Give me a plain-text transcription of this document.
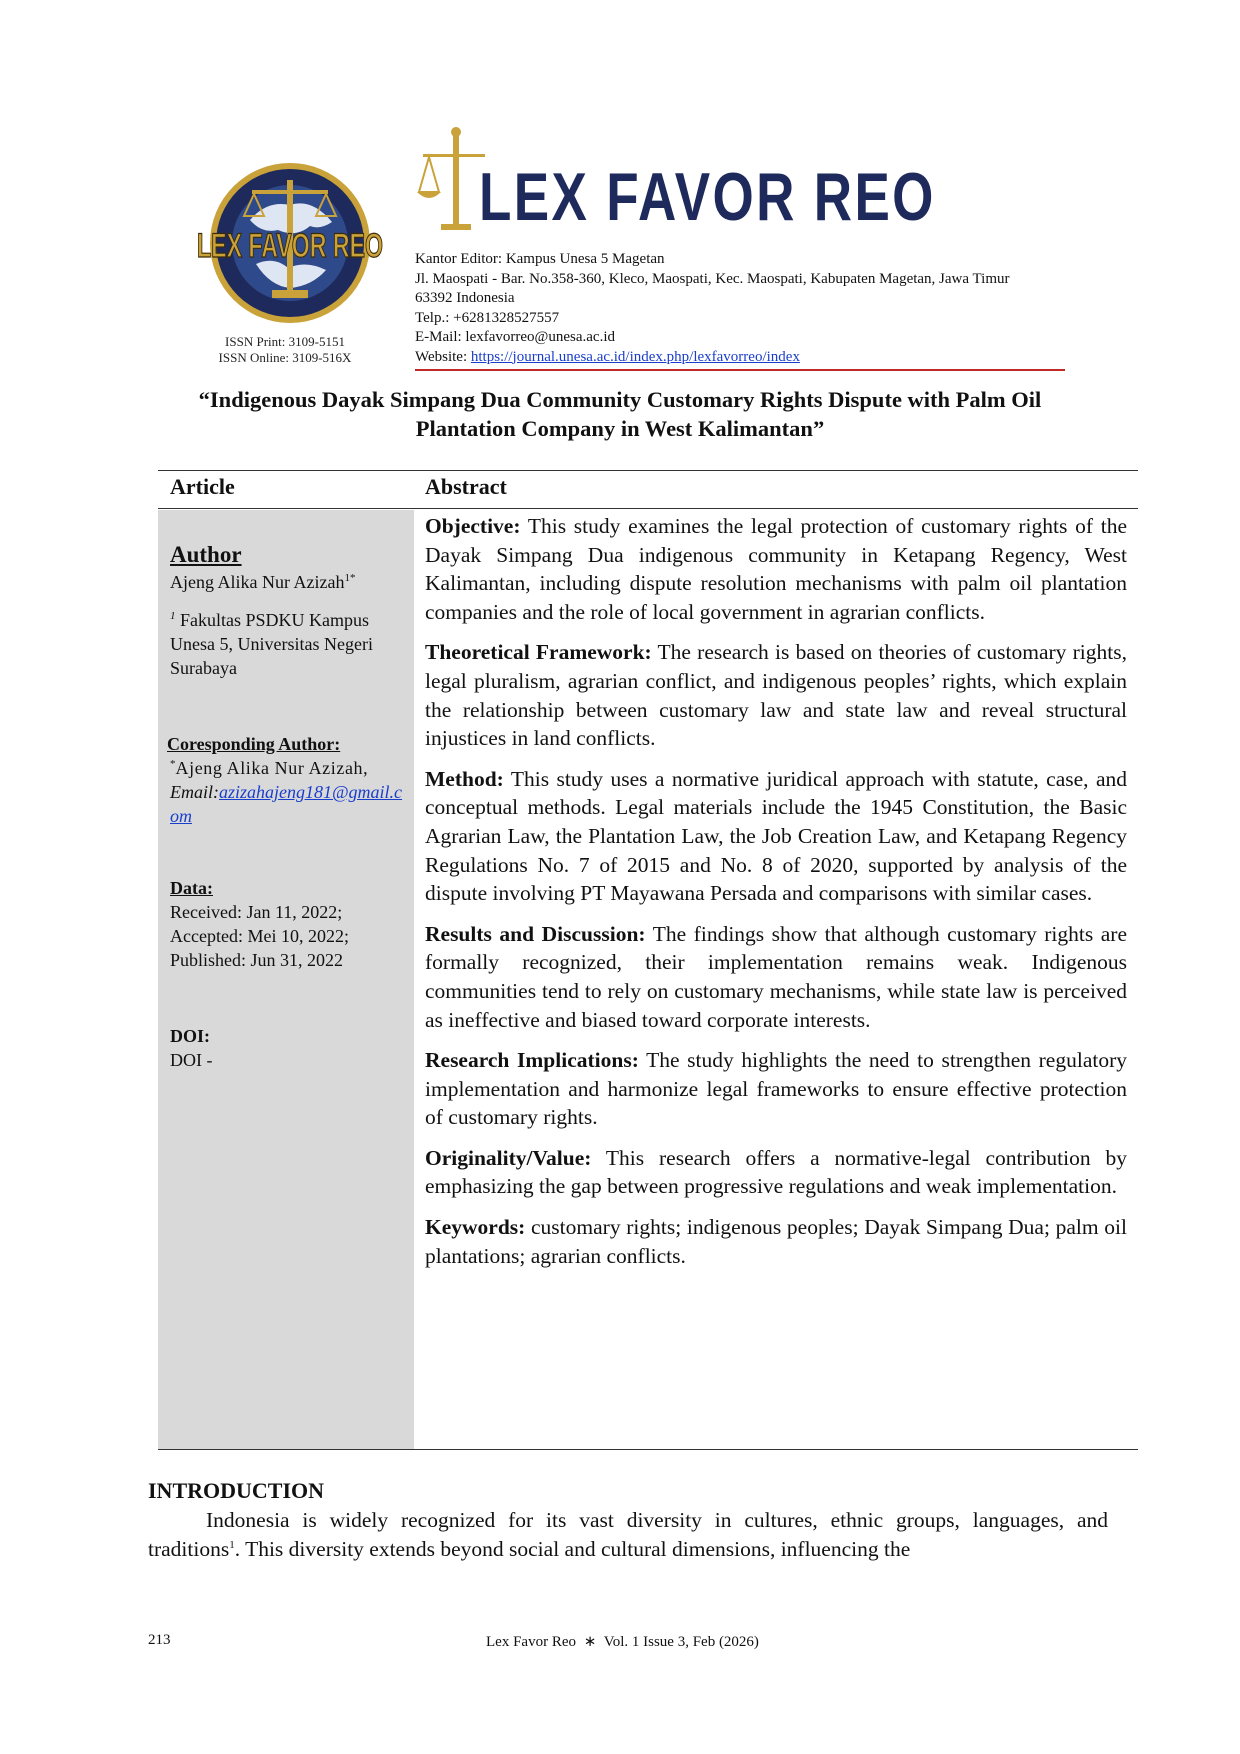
LEX FAVOR REO
ISSN Print: 3109-5151
ISSN Online: 3109-516X
LEX FAVOR REO
Kantor Editor: Kampus Unesa 5 Magetan
Jl. Maospati - Bar. No.358-360, Kleco, Maospati, Kec. Maospati, Kabupaten Magetan, Jawa Timur
63392 Indonesia
Telp.: +6281328527557
E-Mail: lexfavorreo@unesa.ac.id
Website: https://journal.unesa.ac.id/index.php/lexfavorreo/index
“Indigenous Dayak Simpang Dua Community Customary Rights Dispute with Palm Oil
Plantation Company in West Kalimantan”
Article	Abstract
Author
Ajeng Alika Nur Azizah$^{1*}$
$^1$ Fakultas PSDKU Kampus Unesa 5, Universitas Negeri Surabaya
Coresponding Author:
*Ajeng Alika Nur Azizah,
Email:azizahajeng181@gmail.com
Data:
Received: Jan 11, 2022;
Accepted: Mei 10, 2022;
Published: Jun 31, 2022
DOI:
DOI -

Objective: This study examines the legal protection of customary rights of the Dayak Simpang Dua indigenous community in Ketapang Regency, West Kalimantan, including dispute resolution mechanisms with palm oil plantation companies and the role of local government in agrarian conflicts.

Theoretical Framework: The research is based on theories of customary rights, legal pluralism, agrarian conflict, and indigenous peoples’ rights, which explain the relationship between customary law and state law and reveal structural injustices in land conflicts.

Method: This study uses a normative juridical approach with statute, case, and conceptual methods. Legal materials include the 1945 Constitution, the Basic Agrarian Law, the Plantation Law, the Job Creation Law, and Ketapang Regency Regulations No. 7 of 2015 and No. 8 of 2020, supported by analysis of the dispute involving PT Mayawana Persada and comparisons with similar cases.

Results and Discussion: The findings show that although customary rights are formally recognized, their implementation remains weak. Indigenous communities tend to rely on customary mechanisms, while state law is perceived as ineffective and biased toward corporate interests.

Research Implications: The study highlights the need to strengthen regulatory implementation and harmonize legal frameworks to ensure effective protection of customary rights.

Originality/Value: This research offers a normative-legal contribution by emphasizing the gap between progressive regulations and weak implementation.

Keywords: customary rights; indigenous peoples; Dayak Simpang Dua; palm oil plantations; agrarian conflicts.

INTRODUCTION

Indonesia is widely recognized for its vast diversity in cultures, ethnic groups, languages, and traditions$^1$. This diversity extends beyond social and cultural dimensions, influencing the

213	Lex Favor Reo ∗ Vol. 1 Issue 3, Feb (2026)
